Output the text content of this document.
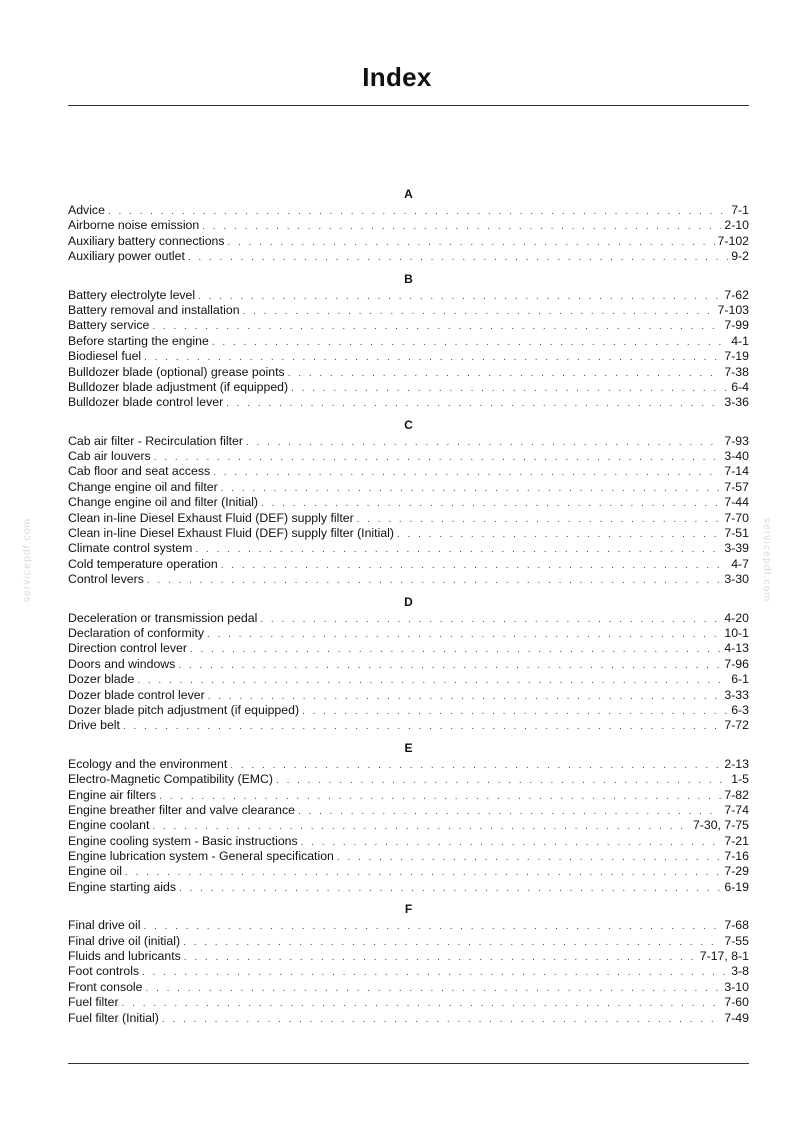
Index
servicepdf.com	servicepdf.com
A
Advice . . .	7-1
Airborne noise emission . . .	2-10
Auxiliary battery connections . . .	7-102
Auxiliary power outlet . . .	9-2
B
Battery electrolyte level . . .	7-62
Battery removal and installation . . .	7-103
Battery service . . .	7-99
Before starting the engine . . .	4-1
Biodiesel fuel . . .	7-19
Bulldozer blade (optional) grease points . . .	7-38
Bulldozer blade adjustment (if equipped) . . .	6-4
Bulldozer blade control lever . . .	3-36
C
Cab air filter - Recirculation filter . . .	7-93
Cab air louvers . . .	3-40
Cab floor and seat access . . .	7-14
Change engine oil and filter . . .	7-57
Change engine oil and filter (Initial) . . .	7-44
Clean in-line Diesel Exhaust Fluid (DEF) supply filter . . .	7-70
Clean in-line Diesel Exhaust Fluid (DEF) supply filter (Initial) . . .	7-51
Climate control system . . .	3-39
Cold temperature operation . . .	4-7
Control levers . . .	3-30
D
Deceleration or transmission pedal . . .	4-20
Declaration of conformity . . .	10-1
Direction control lever . . .	4-13
Doors and windows . . .	7-96
Dozer blade . . .	6-1
Dozer blade control lever . . .	3-33
Dozer blade pitch adjustment (if equipped) . . .	6-3
Drive belt . . .	7-72
E
Ecology and the environment . . .	2-13
Electro-Magnetic Compatibility (EMC) . . .	1-5
Engine air filters . . .	7-82
Engine breather filter and valve clearance . . .	7-74
Engine coolant . . .	7-30, 7-75
Engine cooling system - Basic instructions . . .	7-21
Engine lubrication system - General specification . . .	7-16
Engine oil . . .	7-29
Engine starting aids . . .	6-19
F
Final drive oil . . .	7-68
Final drive oil (initial) . . .	7-55
Fluids and lubricants . . .	7-17, 8-1
Foot controls . . .	3-8
Front console . . .	3-10
Fuel filter . . .	7-60
Fuel filter (Initial) . . .	7-49
